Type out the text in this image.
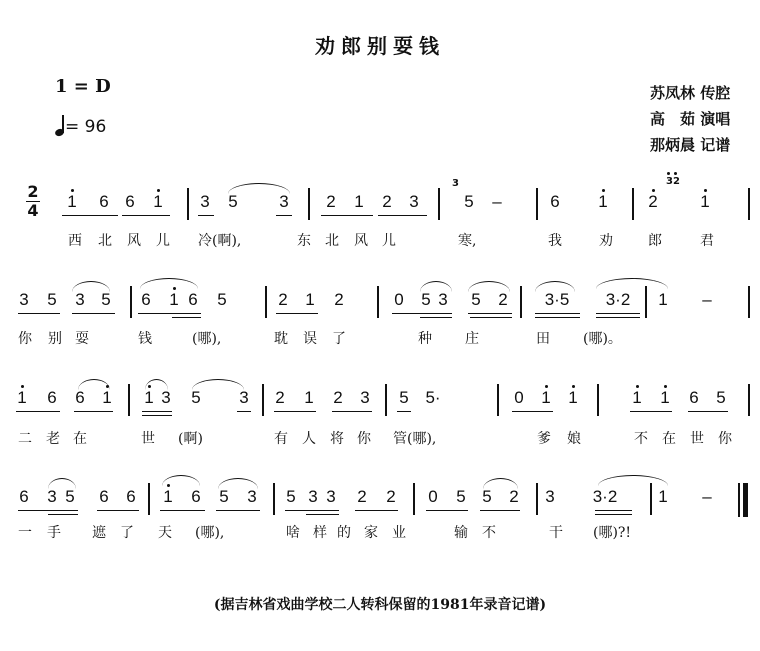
劝郎别耍钱
1 = D
= 96
苏凤林 传腔
高　茹 演唱
那炳晨 记谱
2
4 1 6 6 1 3 5 3 2 1 2 3	5 –	6 1 2	1
3	32
西 北 风 儿 冷(啊),	东 北 风 儿	寒,	我	劝	郎	君
3 5 3 5 6 1 6 5	2 1 2	0 5 3 5 2	3·5	3·2	1 –
你 别 耍	钱	(哪),	耽 误 了	种 庄	田 (哪)。
1 6 6 1 1 3 5 3 2 1 2 3 5 5·	0 1 1	1 1 6 5
二 老 在	世 (啊)	有 人 将 你 管(哪),	爹 娘	不 在 世 你
6 3 5 6 6 1 6 5 3 5 3 3 2 2 0 5 5 2 3	3·2	1 –
一 手 遮 了 天 (哪),	啥 样 的 家 业	输 不	干 (哪)?!
(据吉林省戏曲学校二人转科保留的1981年录音记谱)
